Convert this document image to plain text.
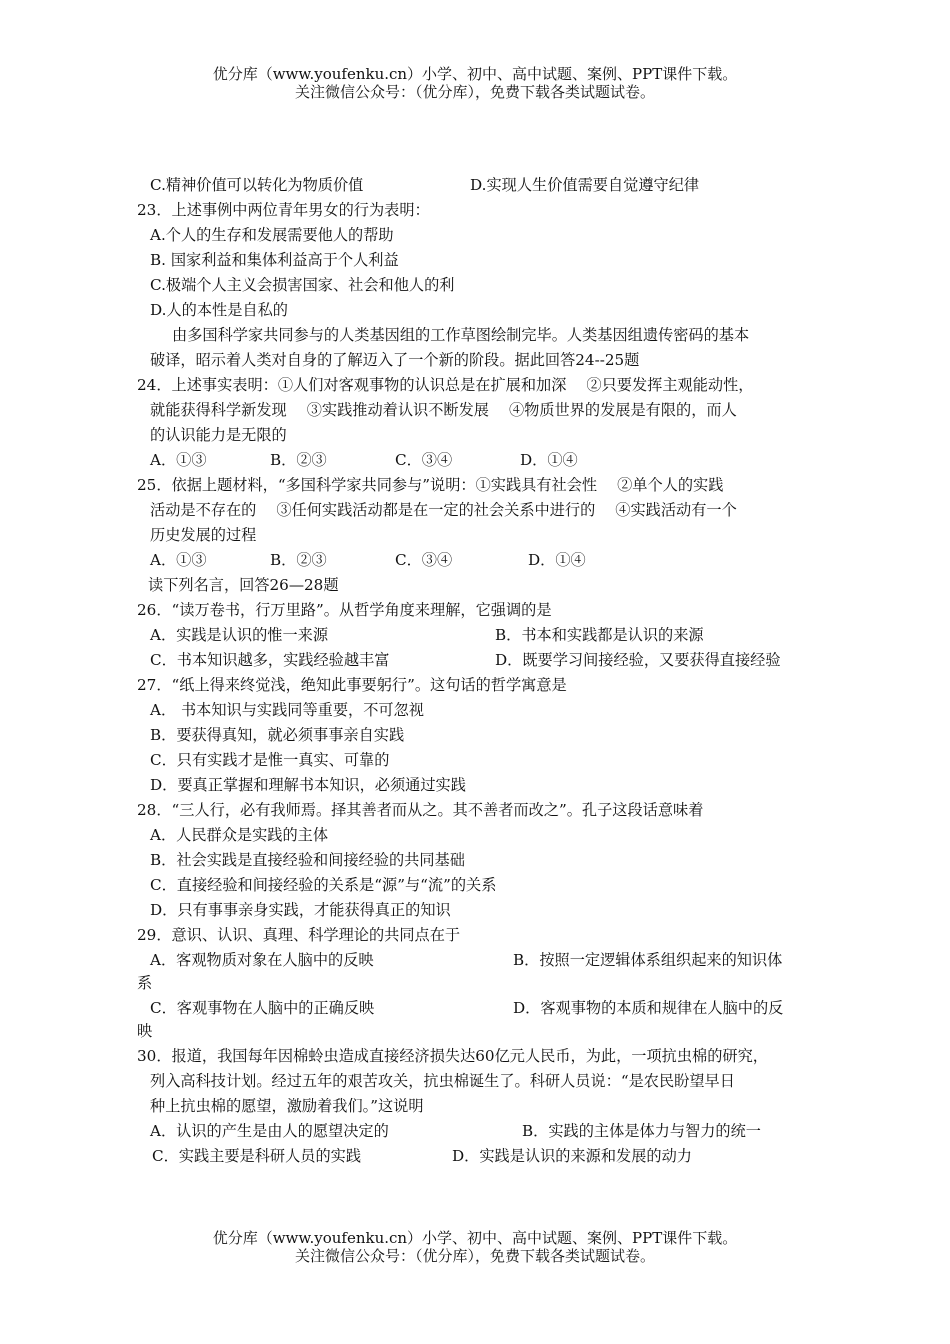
优分库（www.youfenku.cn）小学、初中、高中试题、案例、PPT课件下载。
关注微信公众号：（优分库），免费下载各类试题试卷。
C.精神价值可以转化为物质价值	D.实现人生价值需要自觉遵守纪律
23．上述事例中两位青年男女的行为表明：
A.个人的生存和发展需要他人的帮助
B. 国家利益和集体利益高于个人利益
C.极端个人主义会损害国家、社会和他人的利
D.人的本性是自私的
由多国科学家共同参与的人类基因组的工作草图绘制完毕。人类基因组遗传密码的基本
破译，昭示着人类对自身的了解迈入了一个新的阶段。据此回答24--25题
24．上述事实表明：①人们对客观事物的认识总是在扩展和加深　 ②只要发挥主观能动性，
就能获得科学新发现　 ③实践推动着认识不断发展　 ④物质世界的发展是有限的，而人
的认识能力是无限的
A．①③	B．②③	C．③④	D．①④
25．依据上题材料，“多国科学家共同参与”说明：①实践具有社会性　 ②单个人的实践
活动是不存在的　 ③任何实践活动都是在一定的社会关系中进行的　 ④实践活动有一个
历史发展的过程
A．①③	B．②③	C．③④	D．①④
读下列名言，回答26—28题
26．“读万卷书，行万里路”。从哲学角度来理解，它强调的是
A．实践是认识的惟一来源	B．书本和实践都是认识的来源
C．书本知识越多，实践经验越丰富	D．既要学习间接经验，又要获得直接经验
27．“纸上得来终觉浅，绝知此事要躬行”。这句话的哲学寓意是
A． 书本知识与实践同等重要，不可忽视
B．要获得真知，就必须事事亲自实践
C．只有实践才是惟一真实、可靠的
D．要真正掌握和理解书本知识，必须通过实践
28．“三人行，必有我师焉。择其善者而从之。其不善者而改之”。孔子这段话意味着
A．人民群众是实践的主体
B．社会实践是直接经验和间接经验的共同基础
C．直接经验和间接经验的关系是“源”与“流”的关系
D．只有事事亲身实践，才能获得真正的知识
29．意识、认识、真理、科学理论的共同点在于
A．客观物质对象在人脑中的反映	B．按照一定逻辑体系组织起来的知识体
系
C．客观事物在人脑中的正确反映	D．客观事物的本质和规律在人脑中的反
映
30．报道，我国每年因棉蛉虫造成直接经济损失达60亿元人民币，为此，一项抗虫棉的研究，
列入高科技计划。经过五年的艰苦攻关，抗虫棉诞生了。科研人员说：“是农民盼望早日
种上抗虫棉的愿望，激励着我们。”这说明
A．认识的产生是由人的愿望决定的	B．实践的主体是体力与智力的统一
C．实践主要是科研人员的实践	D．实践是认识的来源和发展的动力
优分库（www.youfenku.cn）小学、初中、高中试题、案例、PPT课件下载。
关注微信公众号：（优分库），免费下载各类试题试卷。
